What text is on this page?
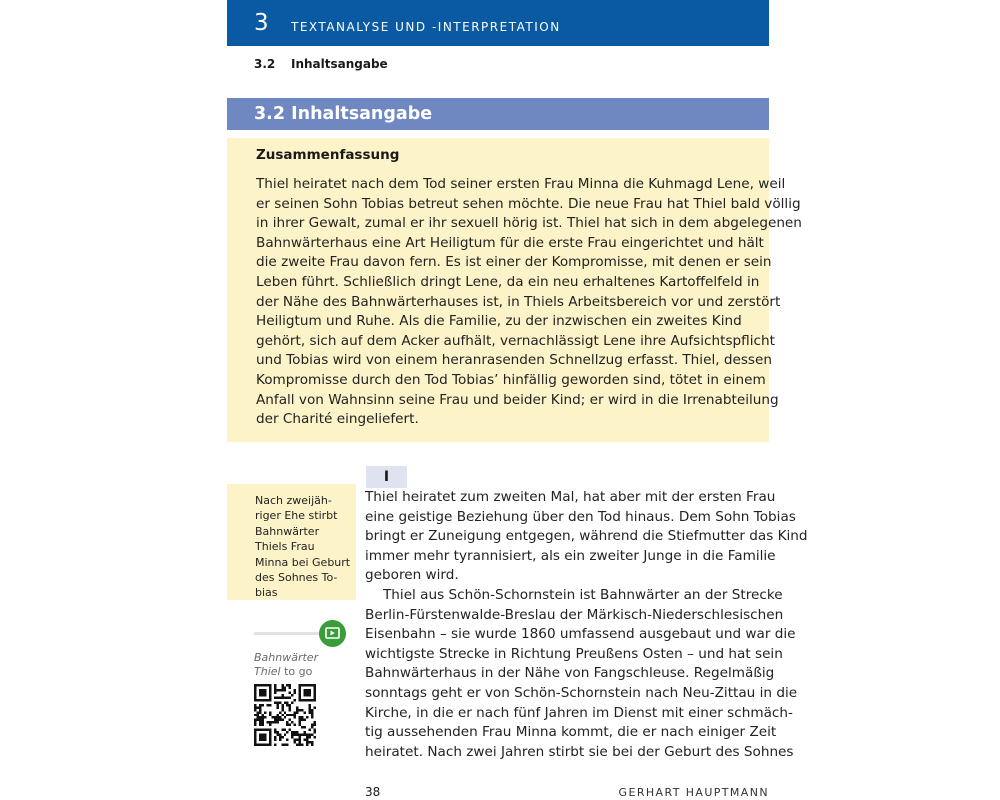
3 TEXTANALYSE UND -INTERPRETATION
3.2 Inhaltsangabe
3.2 Inhaltsangabe
Zusammenfassung
Thiel heiratet nach dem Tod seiner ersten Frau Minna die Kuhmagd Lene, weil
er seinen Sohn Tobias betreut sehen möchte. Die neue Frau hat Thiel bald völlig
in ihrer Gewalt, zumal er ihr sexuell hörig ist. Thiel hat sich in dem abgelegenen
Bahnwärterhaus eine Art Heiligtum für die erste Frau eingerichtet und hält
die zweite Frau davon fern. Es ist einer der Kompromisse, mit denen er sein
Leben führt. Schließlich dringt Lene, da ein neu erhaltenes Kartoffelfeld in
der Nähe des Bahnwärterhauses ist, in Thiels Arbeitsbereich vor und zerstört
Heiligtum und Ruhe. Als die Familie, zu der inzwischen ein zweites Kind
gehört, sich auf dem Acker aufhält, vernachlässigt Lene ihre Aufsichtspflicht
und Tobias wird von einem heranrasenden Schnellzug erfasst. Thiel, dessen
Kompromisse durch den Tod Tobias’ hinfällig geworden sind, tötet in einem
Anfall von Wahnsinn seine Frau und beider Kind; er wird in die Irrenabteilung
der Charité eingeliefert.
I
Nach zweijäh-
riger Ehe stirbt
Bahnwärter
Thiels Frau
Minna bei Geburt
des Sohnes To-
bias
Bahnwärter
Thiel to go
Thiel heiratet zum zweiten Mal, hat aber mit der ersten Frau
eine geistige Beziehung über den Tod hinaus. Dem Sohn Tobias
bringt er Zuneigung entgegen, während die Stiefmutter das Kind
immer mehr tyrannisiert, als ein zweiter Junge in die Familie
geboren wird.
Thiel aus Schön-Schornstein ist Bahnwärter an der Strecke
Berlin-Fürstenwalde-Breslau der Märkisch-Niederschlesischen
Eisenbahn – sie wurde 1860 umfassend ausgebaut und war die
wichtigste Strecke in Richtung Preußens Osten – und hat sein
Bahnwärterhaus in der Nähe von Fangschleuse. Regelmäßig
sonntags geht er von Schön-Schornstein nach Neu-Zittau in die
Kirche, in die er nach fünf Jahren im Dienst mit einer schmäch-
tig aussehenden Frau Minna kommt, die er nach einiger Zeit
heiratet. Nach zwei Jahren stirbt sie bei der Geburt des Sohnes
38	GERHART HAUPTMANN
